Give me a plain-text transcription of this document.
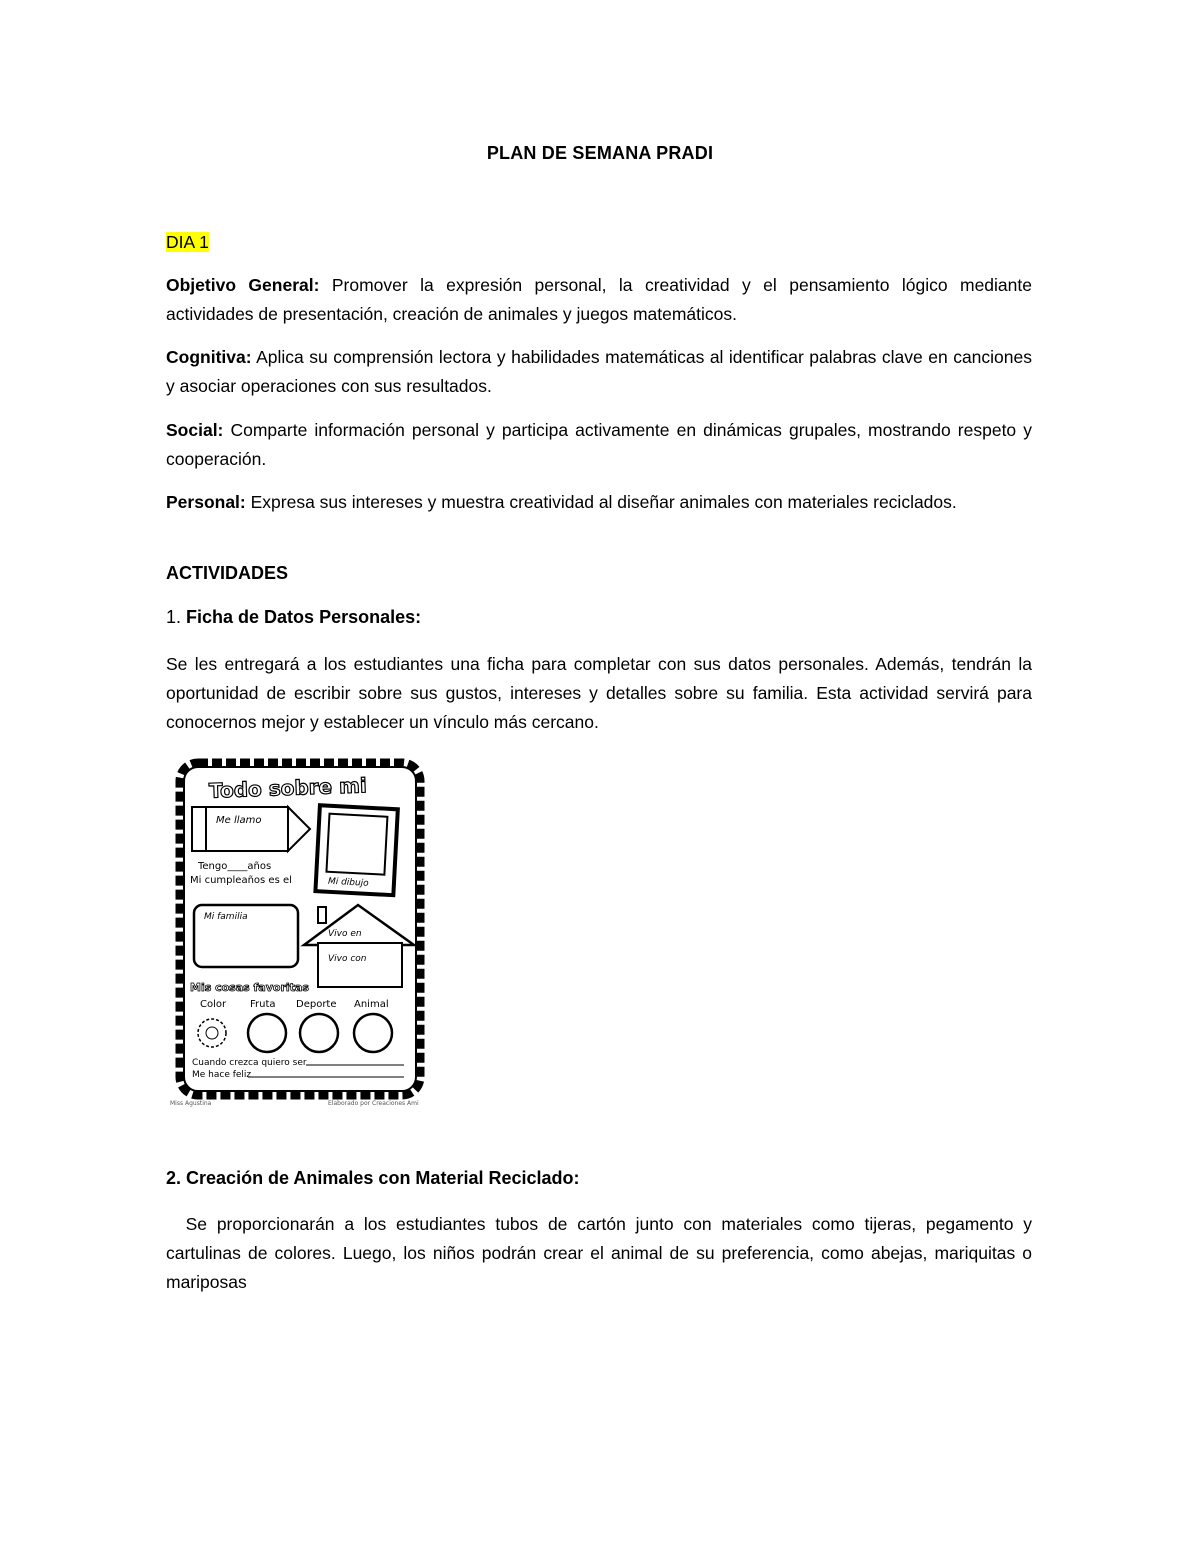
PLAN DE SEMANA PRADI
DIA 1
Objetivo General: Promover la expresión personal, la creatividad y el pensamiento lógico mediante actividades de presentación, creación de animales y juegos matemáticos.
Cognitiva: Aplica su comprensión lectora y habilidades matemáticas al identificar palabras clave en canciones y asociar operaciones con sus resultados.
Social: Comparte información personal y participa activamente en dinámicas grupales, mostrando respeto y cooperación.
Personal: Expresa sus intereses y muestra creatividad al diseñar animales con materiales reciclados.
ACTIVIDADES
1. Ficha de Datos Personales:
Se les entregará a los estudiantes una ficha para completar con sus datos personales. Además, tendrán la oportunidad de escribir sobre sus gustos, intereses y detalles sobre su familia. Esta actividad servirá para conocernos mejor y establecer un vínculo más cercano.
Todo sobre mi
Me llamo
Mi dibujo
Tengo____años
Mi cumpleaños es el
Mi familia
Vivo en
Vivo con
Mis cosas favoritas
Color Fruta Deporte Animal
Cuando crezca quiero ser
Me hace feliz
Miss Agustina	Elaborado por Creaciones Ami
2. Creación de Animales con Material Reciclado:
Se proporcionarán a los estudiantes tubos de cartón junto con materiales como tijeras, pegamento y cartulinas de colores. Luego, los niños podrán crear el animal de su preferencia, como abejas, mariquitas o mariposas
